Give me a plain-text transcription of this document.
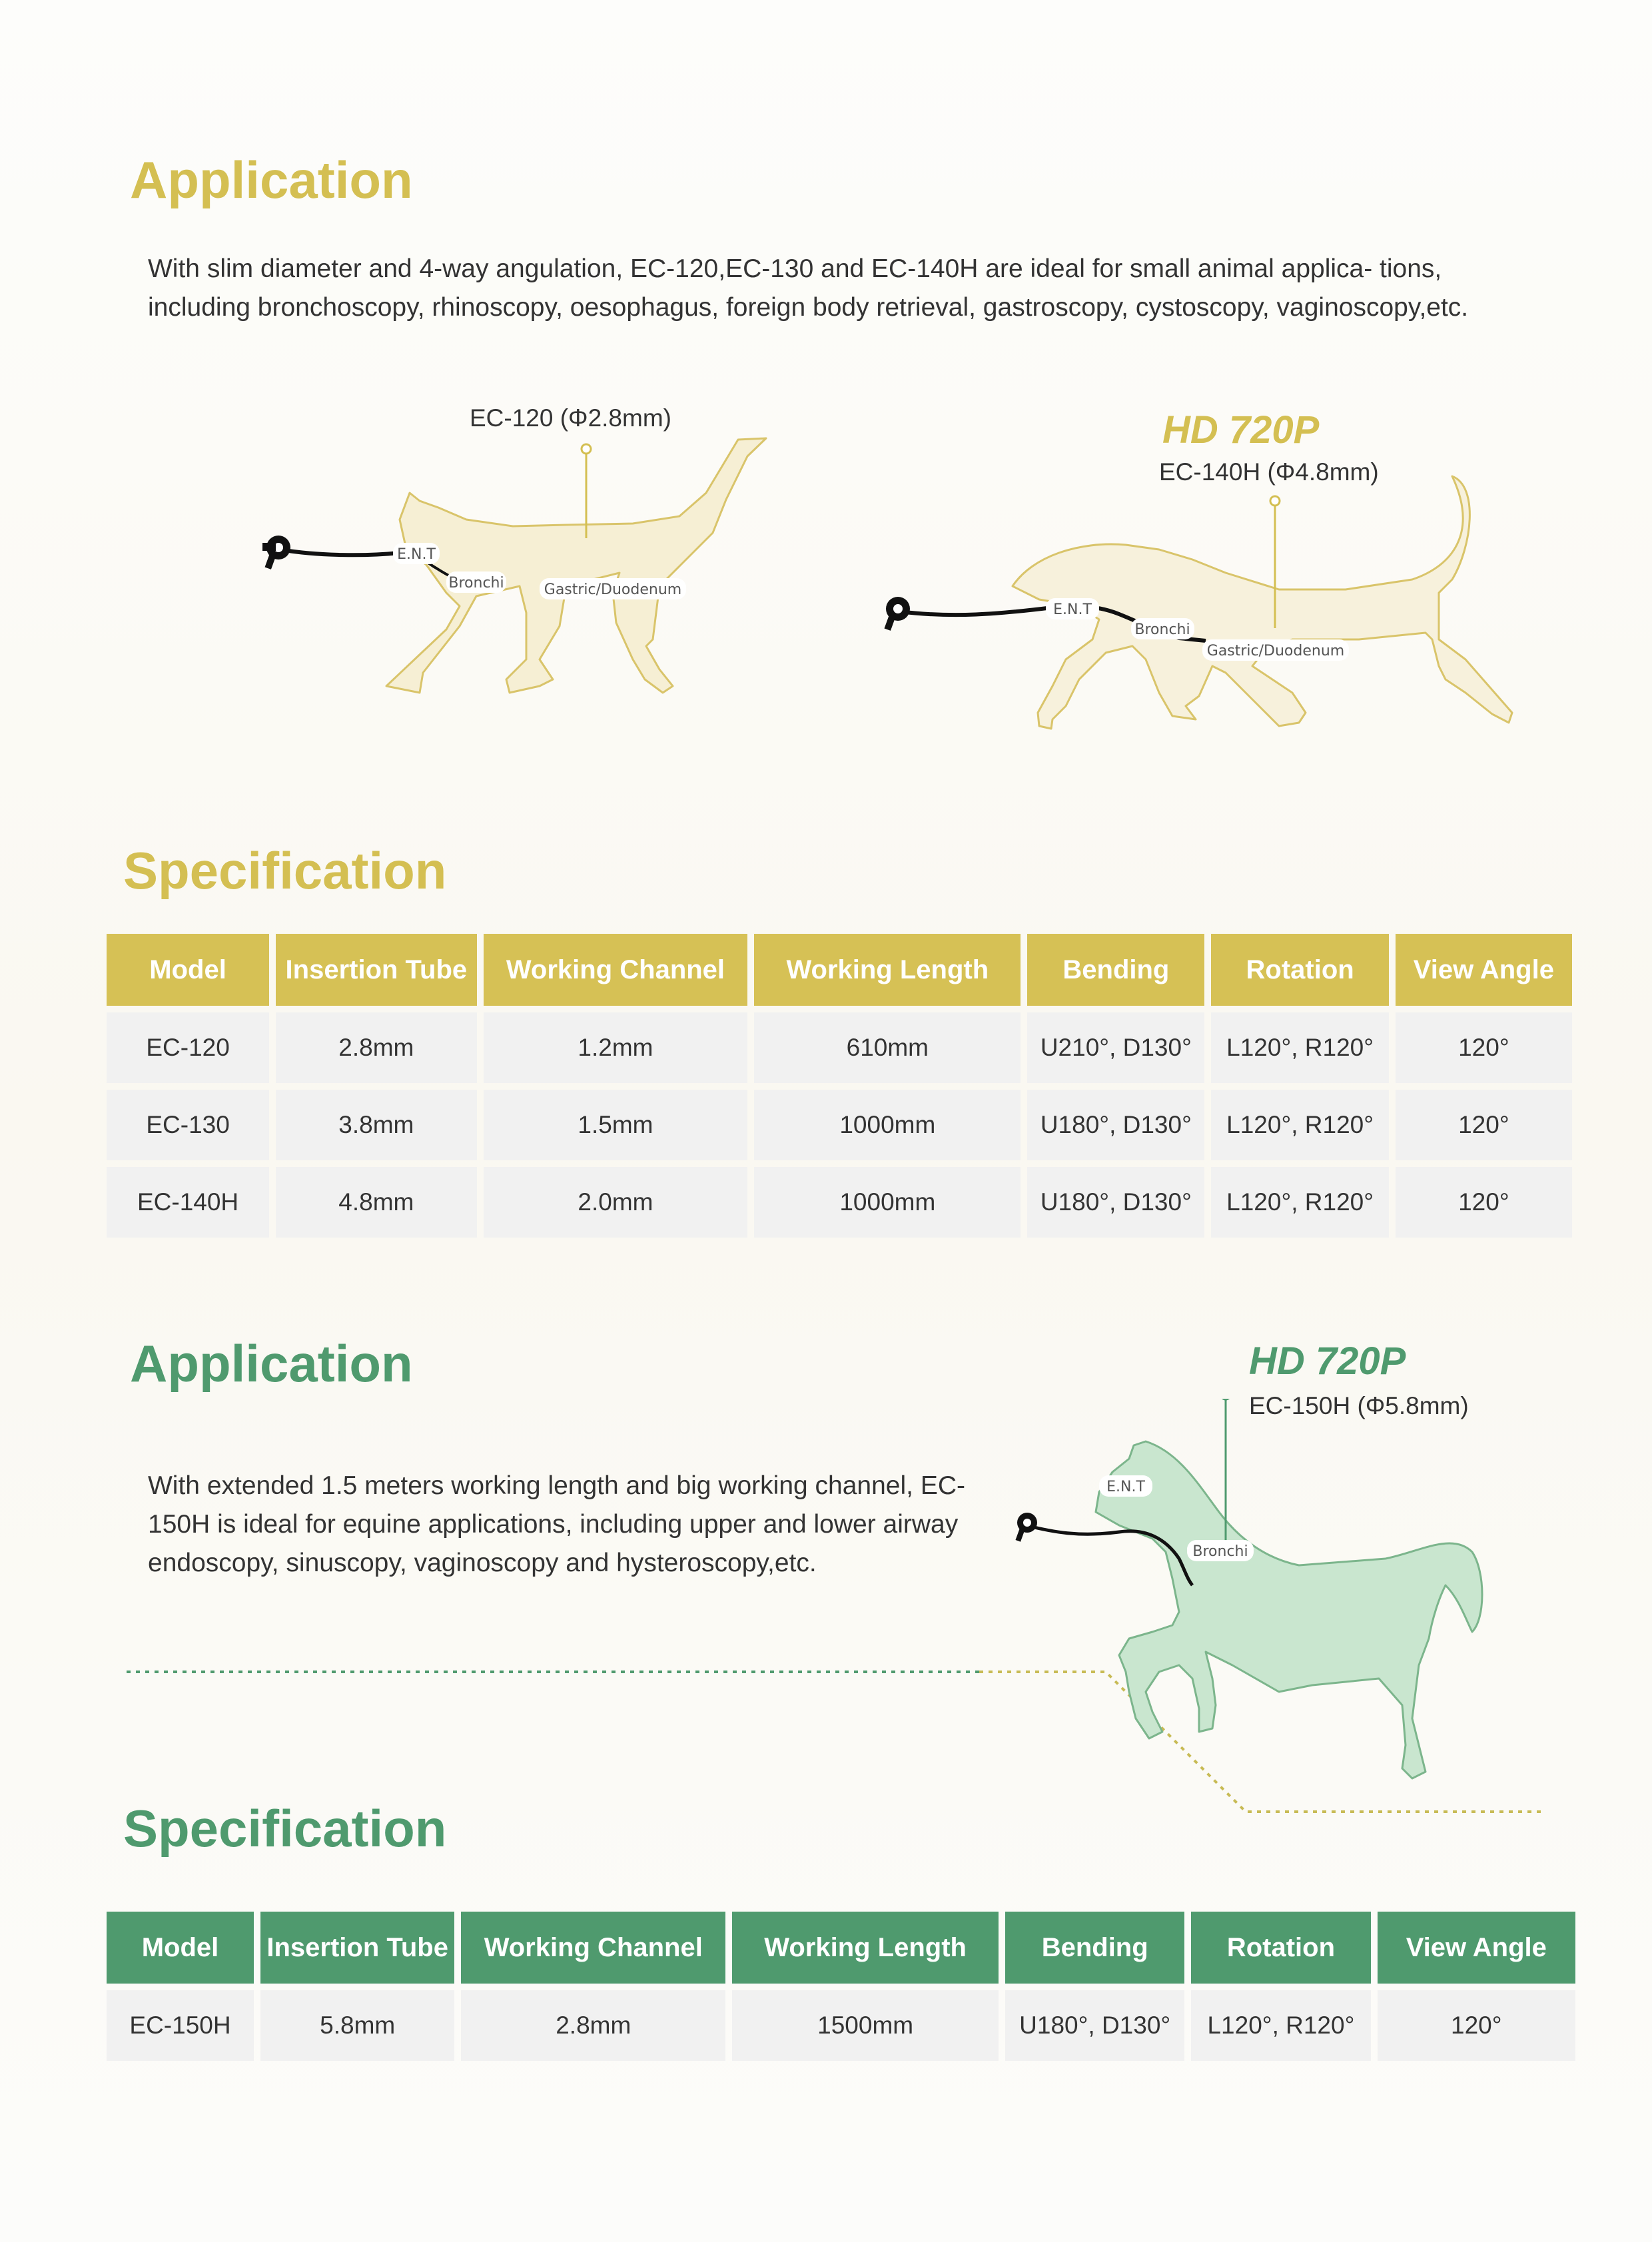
Application

With slim diameter and 4-way angulation, EC-120,EC-130 and EC-140H are ideal for small animal applica- tions, including bronchoscopy, rhinoscopy, oesophagus, foreign body retrieval, gastroscopy, cystoscopy, vaginoscopy,etc.

E.N.T
Bronchi	Gastric/Duodenum
EC-120 (Φ2.8mm)	HD 720P
EC-140H (Φ4.8mm)
E.N.T
Bronchi
Gastric/Duodenum
Specification
Model	Insertion Tube	Working Channel	Working Length	Bending	Rotation	View Angle
EC-120	2.8mm	1.2mm	610mm	U210°, D130°	L120°, R120°	120°
EC-130	3.8mm	1.5mm	1000mm	U180°, D130°	L120°, R120°	120°
EC-140H	4.8mm	2.0mm	1000mm	U180°, D130°	L120°, R120°	120°
Application

With extended 1.5 meters working length and big working channel, EC-150H is ideal for equine applications, including upper and lower airway endoscopy, sinuscopy, vaginoscopy and hysteroscopy,etc.

HD 720P
EC-150H (Φ5.8mm)
E.N.T
Bronchi
Specification
Model	Insertion Tube	Working Channel	Working Length	Bending	Rotation	View Angle
EC-150H	5.8mm	2.8mm	1500mm	U180°, D130°	L120°, R120°	120°
